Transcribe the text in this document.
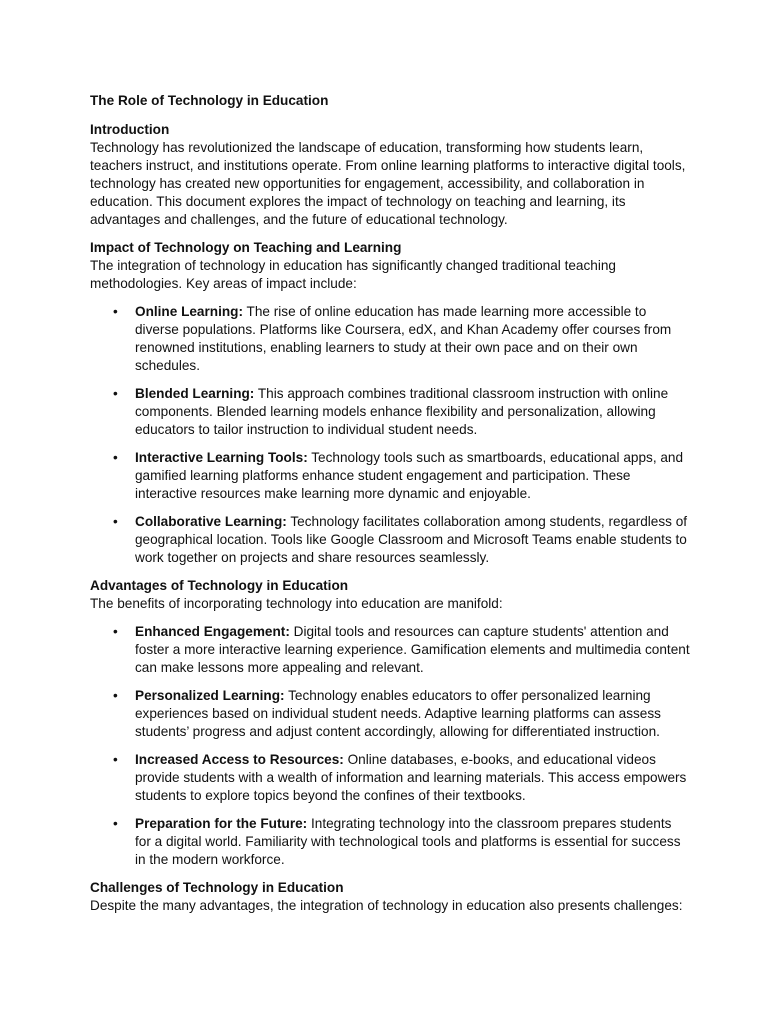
The Role of Technology in Education
Introduction

Technology has revolutionized the landscape of education, transforming how students learn, teachers instruct, and institutions operate. From online learning platforms to interactive digital tools, technology has created new opportunities for engagement, accessibility, and collaboration in education. This document explores the impact of technology on teaching and learning, its advantages and challenges, and the future of educational technology.

Impact of Technology on Teaching and Learning

The integration of technology in education has significantly changed traditional teaching methodologies. Key areas of impact include:

• Online Learning: The rise of online education has made learning more accessible to diverse populations. Platforms like Coursera, edX, and Khan Academy offer courses from renowned institutions, enabling learners to study at their own pace and on their own schedules.
• Blended Learning: This approach combines traditional classroom instruction with online components. Blended learning models enhance flexibility and personalization, allowing educators to tailor instruction to individual student needs.
• Interactive Learning Tools: Technology tools such as smartboards, educational apps, and gamified learning platforms enhance student engagement and participation. These interactive resources make learning more dynamic and enjoyable.
• Collaborative Learning: Technology facilitates collaboration among students, regardless of geographical location. Tools like Google Classroom and Microsoft Teams enable students to work together on projects and share resources seamlessly.
Advantages of Technology in Education

The benefits of incorporating technology into education are manifold:

• Enhanced Engagement: Digital tools and resources can capture students' attention and foster a more interactive learning experience. Gamification elements and multimedia content can make lessons more appealing and relevant.
• Personalized Learning: Technology enables educators to offer personalized learning experiences based on individual student needs. Adaptive learning platforms can assess students’ progress and adjust content accordingly, allowing for differentiated instruction.
• Increased Access to Resources: Online databases, e-books, and educational videos provide students with a wealth of information and learning materials. This access empowers students to explore topics beyond the confines of their textbooks.
• Preparation for the Future: Integrating technology into the classroom prepares students for a digital world. Familiarity with technological tools and platforms is essential for success in the modern workforce.
Challenges of Technology in Education

Despite the many advantages, the integration of technology in education also presents challenges:
